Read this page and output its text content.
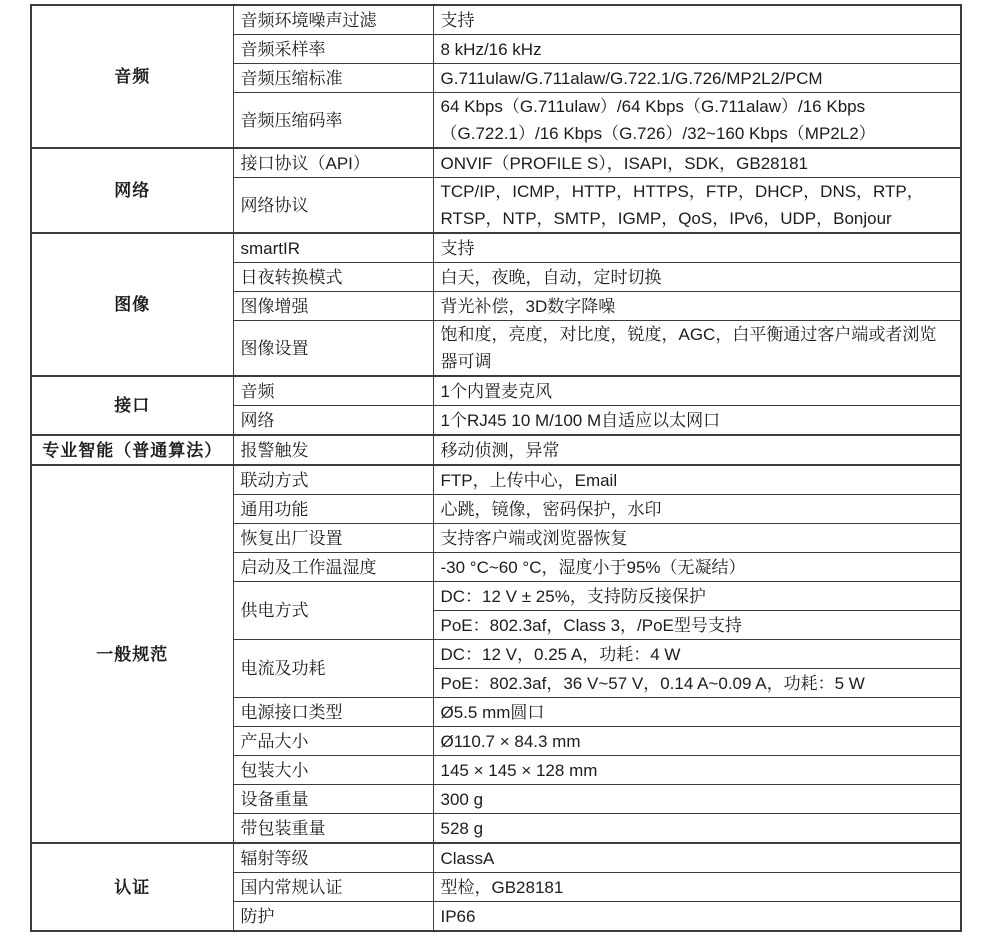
音频	音频环境噪声过滤	支持
	音频采样率	8 kHz/16 kHz
	音频压缩标准	G.711ulaw/G.711alaw/G.722.1/G.726/MP2L2/PCM
	音频压缩码率	64 Kbps（G.711ulaw）/64 Kbps（G.711alaw）/16 Kbps（G.722.1）/16 Kbps（G.726）/32~160 Kbps（MP2L2）
网络	接口协议（API）	ONVIF（PROFILE S），ISAPI，SDK，GB28181
	网络协议	TCP/IP，ICMP，HTTP，HTTPS，FTP，DHCP，DNS，RTP，RTSP，NTP，SMTP，IGMP，QoS，IPv6，UDP，Bonjour
图像	smartIR	支持
	日夜转换模式	白天，夜晚，自动，定时切换
	图像增强	背光补偿，3D数字降噪
	图像设置	饱和度，亮度，对比度，锐度，AGC，白平衡通过客户端或者浏览器可调
接口	音频	1个内置麦克风
	网络	1个RJ45 10 M/100 M自适应以太网口
专业智能（普通算法）	报警触发	移动侦测，异常
一般规范	联动方式	FTP，上传中心，Email
	通用功能	心跳，镜像，密码保护，水印
	恢复出厂设置	支持客户端或浏览器恢复
	启动及工作温湿度	-30 °C~60 °C，湿度小于95%（无凝结）
	供电方式	DC：12 V ± 25%，支持防反接保护
		PoE：802.3af，Class 3，/PoE型号支持
	电流及功耗	DC：12 V，0.25 A，功耗：4 W
		PoE：802.3af，36 V~57 V，0.14 A~0.09 A，功耗：5 W
	电源接口类型	Ø5.5 mm圆口
	产品大小	Ø110.7 × 84.3 mm
	包装大小	145 × 145 × 128 mm
	设备重量	300 g
	带包装重量	528 g
认证	辐射等级	ClassA
	国内常规认证	型检，GB28181
	防护	IP66
